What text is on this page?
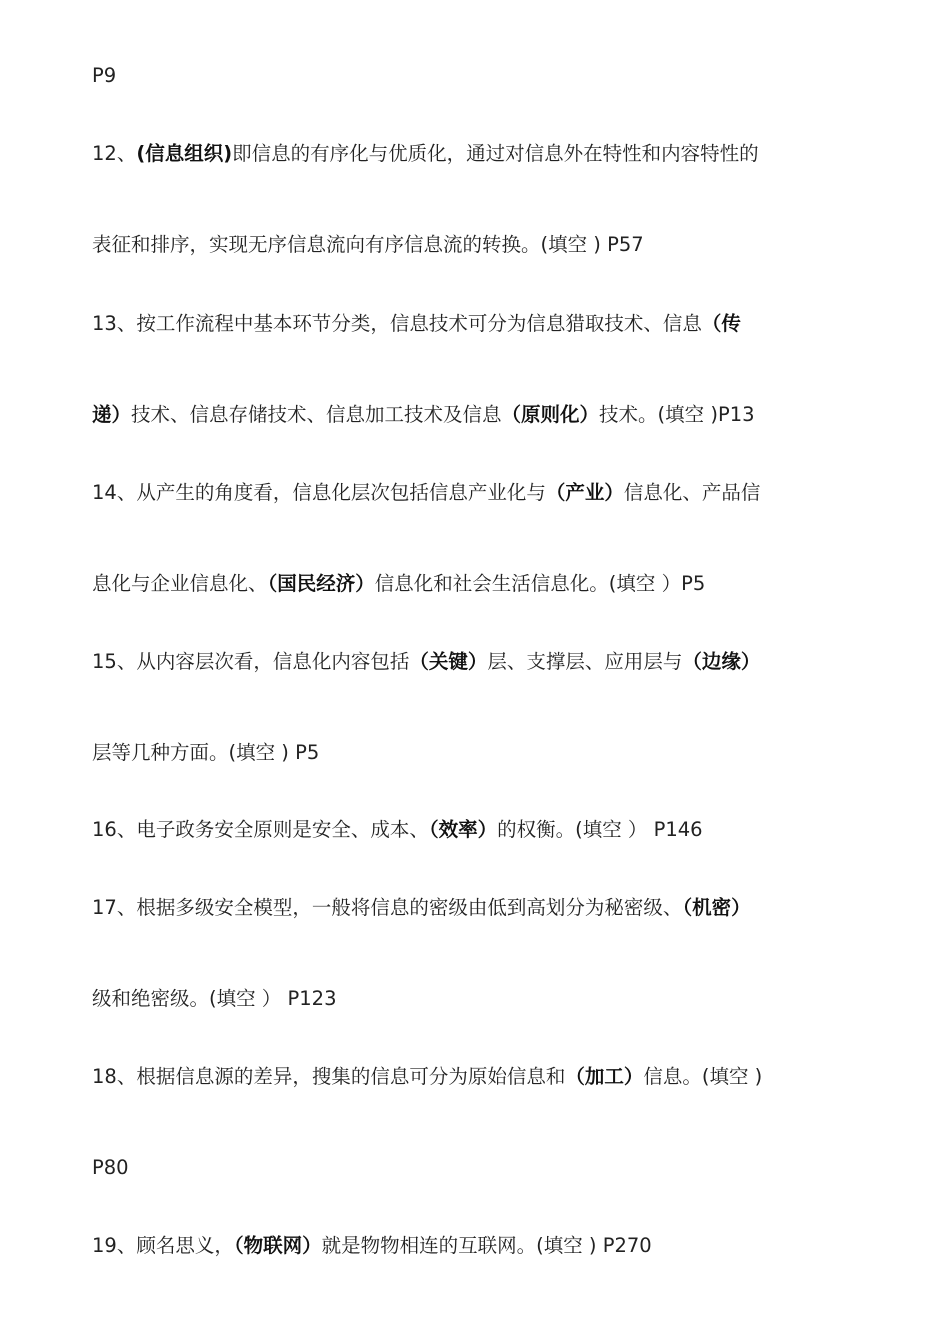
P9
12、(信息组织)即信息的有序化与优质化，通过对信息外在特性和内容特性的
表征和排序，实现无序信息流向有序信息流的转换。(填空 ) P57
13、按工作流程中基本环节分类，信息技术可分为信息猎取技术、信息（传
递）技术、信息存储技术、信息加工技术及信息（原则化）技术。(填空 )P13
14、从产生的角度看，信息化层次包括信息产业化与（产业）信息化、产品信
息化与企业信息化、（国民经济）信息化和社会生活信息化。(填空 ）P5
15、从内容层次看，信息化内容包括（关键）层、支撑层、应用层与（边缘）
层等几种方面。(填空 ) P5
16、电子政务安全原则是安全、成本、（效率）的权衡。(填空 ） P146
17、根据多级安全模型，一般将信息的密级由低到高划分为秘密级、（机密）
级和绝密级。(填空 ） P123
18、根据信息源的差异，搜集的信息可分为原始信息和（加工）信息。(填空 )
P80
19、顾名思义，（物联网）就是物物相连的互联网。(填空 ) P270
